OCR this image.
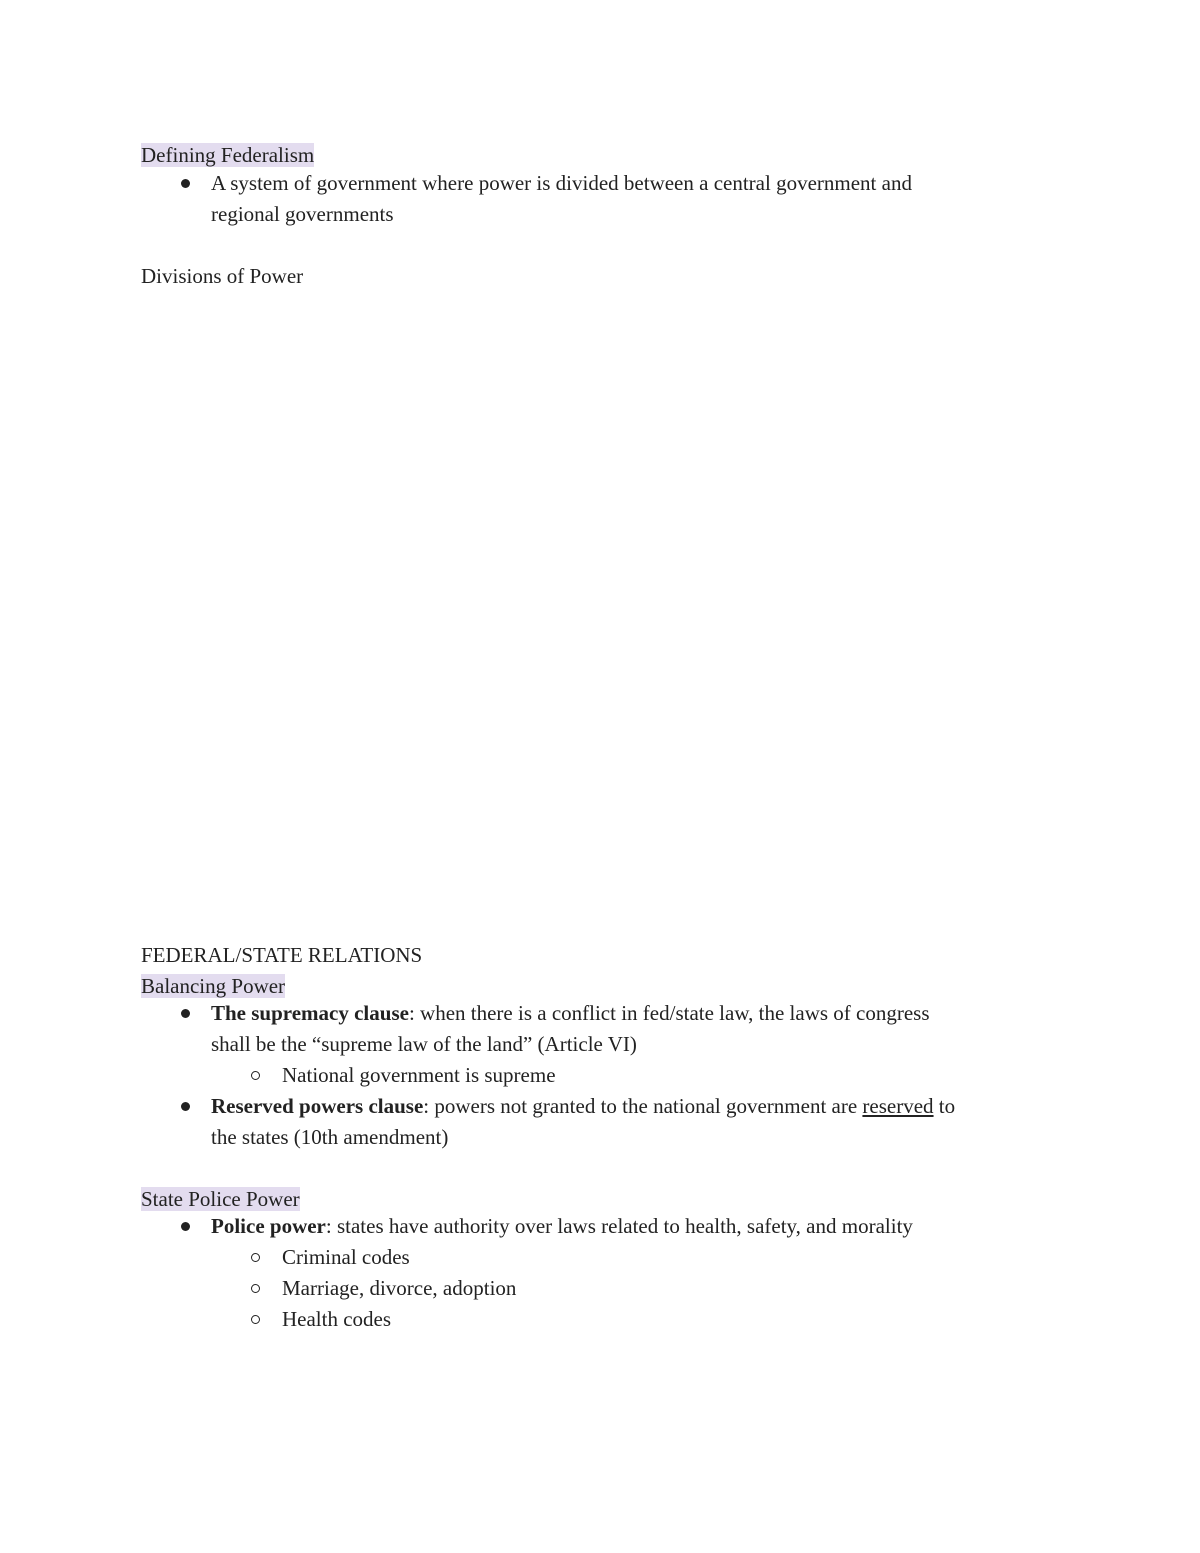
Defining Federalism
A system of government where power is divided between a central government and
regional governments
Divisions of Power
FEDERAL/STATE RELATIONS
Balancing Power
The supremacy clause: when there is a conflict in fed/state law, the laws of congress
shall be the “supreme law of the land” (Article VI)
National government is supreme
Reserved powers clause: powers not granted to the national government are reserved to
the states (10th amendment)
State Police Power
Police power: states have authority over laws related to health, safety, and morality
Criminal codes
Marriage, divorce, adoption
Health codes
